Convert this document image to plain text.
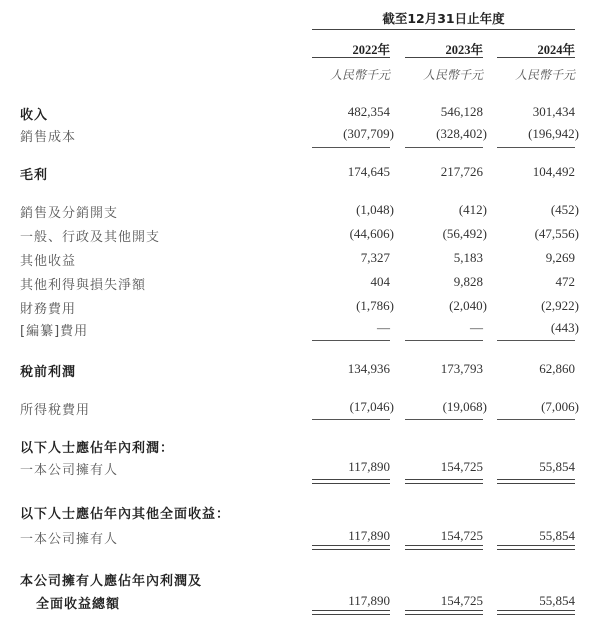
截至12月31日止年度
2022年	2023年	2024年
人民幣千元	人民幣千元	人民幣千元
收入	482,354	546,128	301,434
銷售成本	(307,709)	(328,402)	(196,942)
毛利	174,645	217,726	104,492
銷售及分銷開支	(1,048)	(412)	(452)
一般、行政及其他開支	(44,606)	(56,492)	(47,556)
其他收益	7,327	5,183	9,269
其他利得與損失淨額	404	9,828	472
財務費用	(1,786)	(2,040)	(2,922)
[編纂]費用	—	—	(443)
稅前利潤	134,936	173,793	62,860
所得稅費用	(17,046)	(19,068)	(7,006)
以下人士應佔年內利潤：
一本公司擁有人	117,890	154,725	55,854
以下人士應佔年內其他全面收益：
一本公司擁有人	117,890	154,725	55,854
本公司擁有人應佔年內利潤及
全面收益總額	117,890	154,725	55,854
